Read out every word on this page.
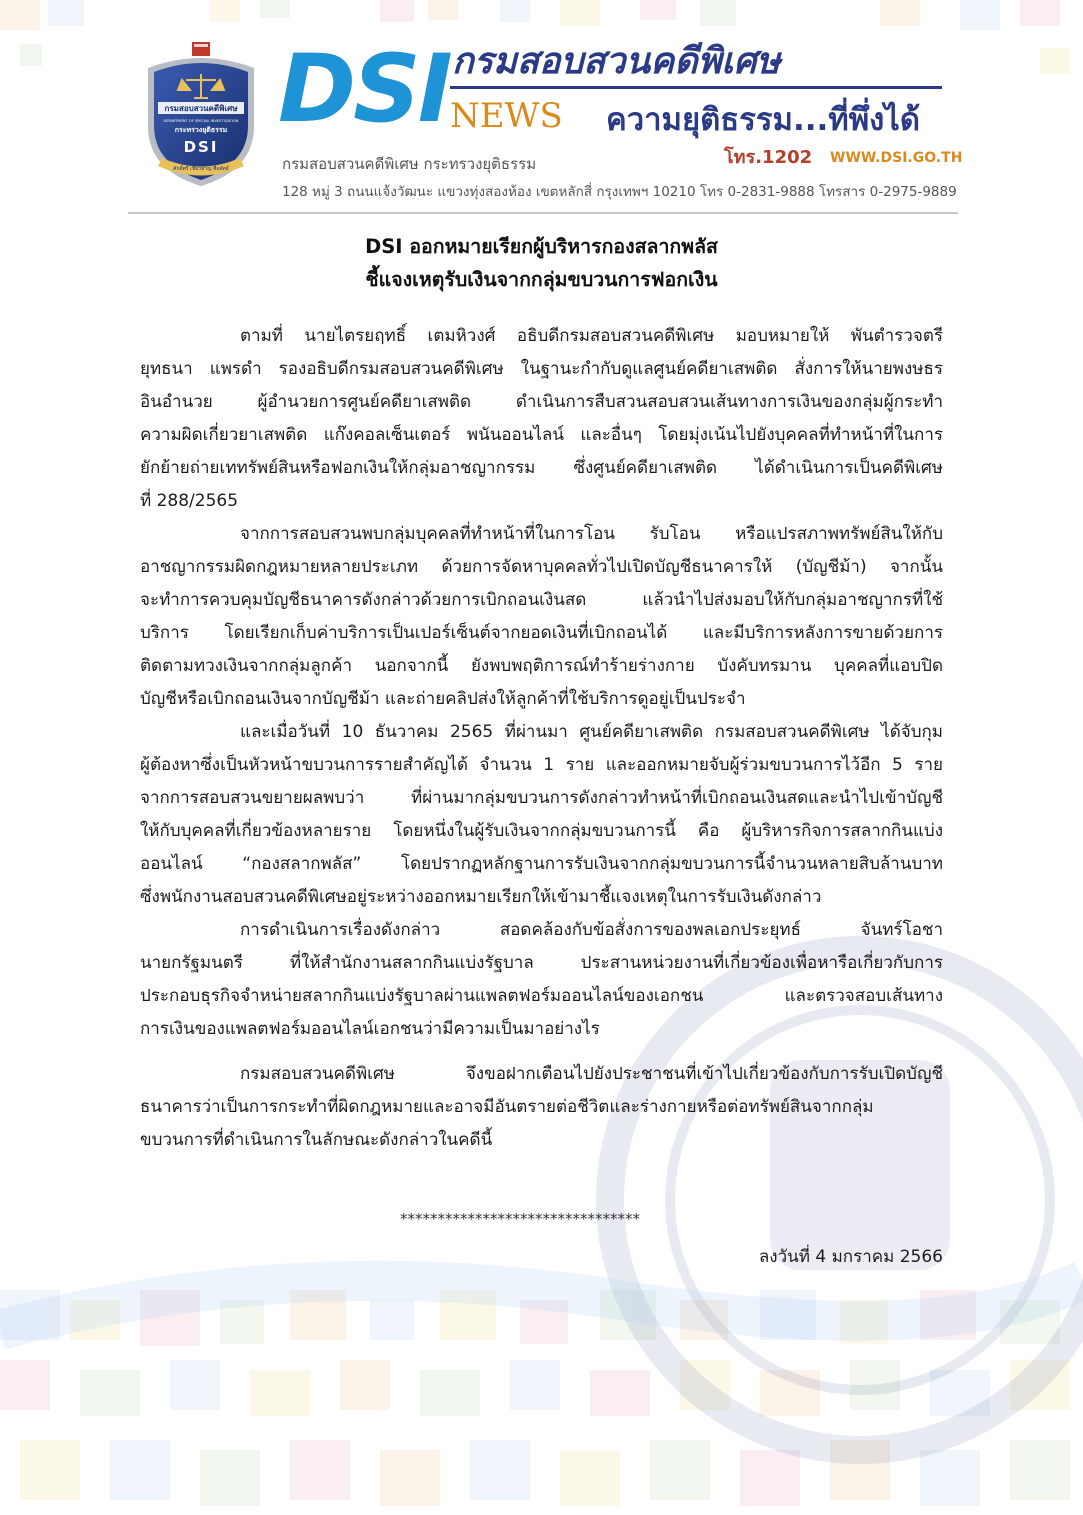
กรมสอบสวนคดีพิเศษ
DEPARTMENT OF SPECIAL INVESTIGATION
กระทรวงยุติธรรม
DSI
ศักดิ์ศรี เชี่ยวชาญ ซื่อสัตย์
DSI กรมสอบสวนคดีพิเศษ
NEWS ความยุติธรรม...ที่พึ่งได้
กรมสอบสวนคดีพิเศษ กระทรวงยุติธรรม	โทร.1202 WWW.DSI.GO.TH
128 หมู่ 3 ถนนแจ้งวัฒนะ แขวงทุ่งสองห้อง เขตหลักสี่ กรุงเทพฯ 10210 โทร 0-2831-9888 โทรสาร 0-2975-9889
DSI ออกหมายเรียกผู้บริหารกองสลากพลัส
ชี้แจงเหตุรับเงินจากกลุ่มขบวนการฟอกเงิน
ตามที่ นายไตรยฤทธิ์ เตมหิวงศ์ อธิบดีกรมสอบสวนคดีพิเศษ มอบหมายให้ พันตำรวจตรี
ยุทธนา แพรดำ รองอธิบดีกรมสอบสวนคดีพิเศษ ในฐานะกำกับดูแลศูนย์คดียาเสพติด สั่งการให้นายพงษธร
อินอำนวย ผู้อำนวยการศูนย์คดียาเสพติด ดำเนินการสืบสวนสอบสวนเส้นทางการเงินของกลุ่มผู้กระทำ
ความผิดเกี่ยวยาเสพติด แก๊งคอลเซ็นเตอร์ พนันออนไลน์ และอื่นๆ โดยมุ่งเน้นไปยังบุคคลที่ทำหน้าที่ในการ
ยักย้ายถ่ายเททรัพย์สินหรือฟอกเงินให้กลุ่มอาชญากรรม ซึ่งศูนย์คดียาเสพติด ได้ดำเนินการเป็นคดีพิเศษ
ที่ 288/2565
จากการสอบสวนพบกลุ่มบุคคลที่ทำหน้าที่ในการโอน รับโอน หรือแปรสภาพทรัพย์สินให้กับ
อาชญากรรมผิดกฎหมายหลายประเภท ด้วยการจัดหาบุคคลทั่วไปเปิดบัญชีธนาคารให้ (บัญชีม้า) จากนั้น
จะทำการควบคุมบัญชีธนาคารดังกล่าวด้วยการเบิกถอนเงินสด แล้วนำไปส่งมอบให้กับกลุ่มอาชญากรที่ใช้
บริการ โดยเรียกเก็บค่าบริการเป็นเปอร์เซ็นต์จากยอดเงินที่เบิกถอนได้ และมีบริการหลังการขายด้วยการ
ติดตามทวงเงินจากกลุ่มลูกค้า นอกจากนี้ ยังพบพฤติการณ์ทำร้ายร่างกาย บังคับทรมาน บุคคลที่แอบปิด
บัญชีหรือเบิกถอนเงินจากบัญชีม้า และถ่ายคลิปส่งให้ลูกค้าที่ใช้บริการดูอยู่เป็นประจำ
และเมื่อวันที่ 10 ธันวาคม 2565 ที่ผ่านมา ศูนย์คดียาเสพติด กรมสอบสวนคดีพิเศษ ได้จับกุม
ผู้ต้องหาซึ่งเป็นหัวหน้าขบวนการรายสำคัญได้ จำนวน 1 ราย และออกหมายจับผู้ร่วมขบวนการไว้อีก 5 ราย
จากการสอบสวนขยายผลพบว่า ที่ผ่านมากลุ่มขบวนการดังกล่าวทำหน้าที่เบิกถอนเงินสดและนำไปเข้าบัญชี
ให้กับบุคคลที่เกี่ยวข้องหลายราย โดยหนึ่งในผู้รับเงินจากกลุ่มขบวนการนี้ คือ ผู้บริหารกิจการสลากกินแบ่ง
ออนไลน์ “กองสลากพลัส” โดยปรากฏหลักฐานการรับเงินจากกลุ่มขบวนการนี้จำนวนหลายสิบล้านบาท
ซึ่งพนักงานสอบสวนคดีพิเศษอยู่ระหว่างออกหมายเรียกให้เข้ามาชี้แจงเหตุในการรับเงินดังกล่าว
การดำเนินการเรื่องดังกล่าว สอดคล้องกับข้อสั่งการของพลเอกประยุทธ์ จันทร์โอชา
นายกรัฐมนตรี ที่ให้สำนักงานสลากกินแบ่งรัฐบาล ประสานหน่วยงานที่เกี่ยวข้องเพื่อหารือเกี่ยวกับการ
ประกอบธุรกิจจำหน่ายสลากกินแบ่งรัฐบาลผ่านแพลตฟอร์มออนไลน์ของเอกชน และตรวจสอบเส้นทาง
การเงินของแพลตฟอร์มออนไลน์เอกชนว่ามีความเป็นมาอย่างไร
กรมสอบสวนคดีพิเศษ จึงขอฝากเตือนไปยังประชาชนที่เข้าไปเกี่ยวข้องกับการรับเปิดบัญชี
ธนาคารว่าเป็นการกระทำที่ผิดกฎหมายและอาจมีอันตรายต่อชีวิตและร่างกายหรือต่อทรัพย์สินจากกลุ่ม
ขบวนการที่ดำเนินการในลักษณะดังกล่าวในคดีนี้
********************************
ลงวันที่ 4 มกราคม 2566
